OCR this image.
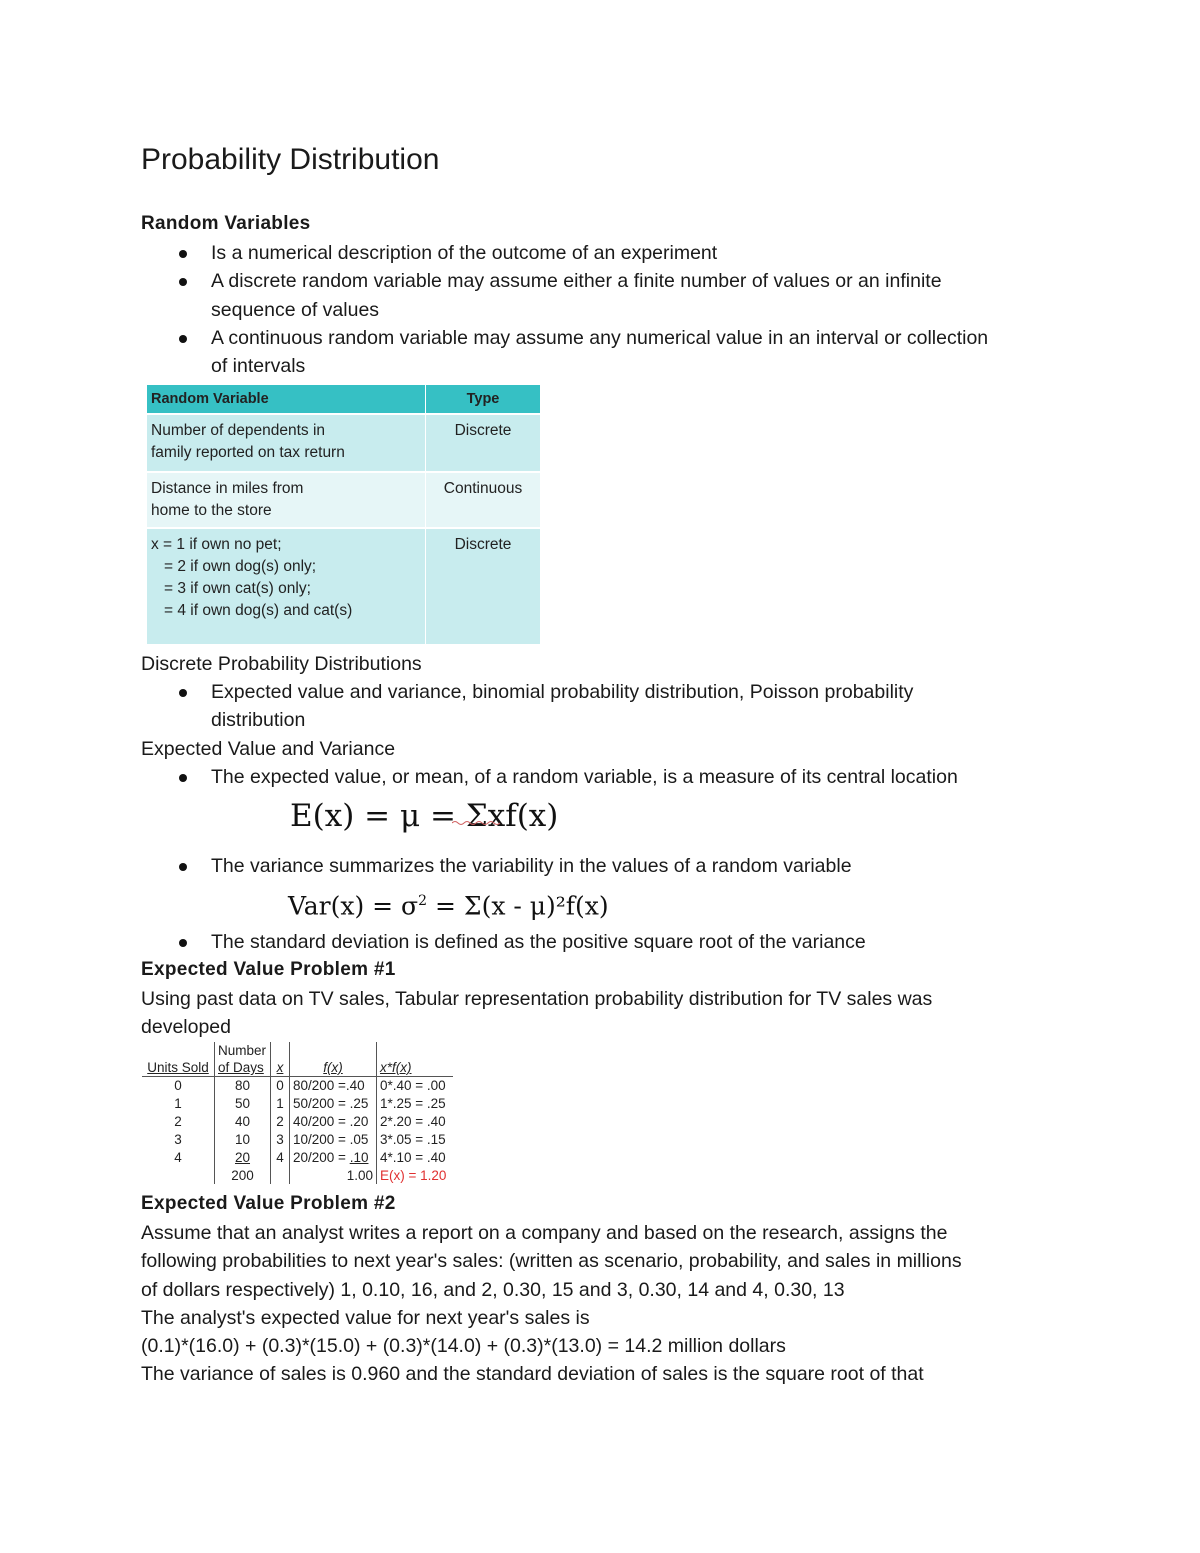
Probability Distribution
Random Variables
Is a numerical description of the outcome of an experiment
A discrete random variable may assume either a finite number of values or an infinite sequence of values
A continuous random variable may assume any numerical value in an interval or collection of intervals
Random Variable	Type

Number of dependents in
family reported on tax return	Discrete

Distance in miles from
home to the store	Continuous

x = 1 if own no pet;
= 2 if own dog(s) only;
= 3 if own cat(s) only;
= 4 if own dog(s) and cat(s)	Discrete
Discrete Probability Distributions
Expected value and variance, binomial probability distribution, Poisson probability distribution
Expected Value and Variance
The expected value, or mean, of a random variable, is a measure of its central location
E(x) = μ = Σxf(x)
The variance summarizes the variability in the values of a random variable
$Var(x) = \sigma^2 = \Sigma(x - \mu)^2f(x)$
The standard deviation is defined as the positive square root of the variance
Expected Value Problem #1
Using past data on TV sales, Tabular representation probability distribution for TV sales was
developed
	Number			
Units Sold	of Days	x	f(x)	x*f(x)
0	80	0	80/200 =.40	0*.40 = .00
1	50	1	50/200 = .25	1*.25 = .25
2	40	2	40/200 = .20	2*.20 = .40
3	10	3	10/200 = .05	3*.05 = .15
4	20	4	20/200 = .10	4*.10 = .40
	200		1.00	E(x) = 1.20
Expected Value Problem #2
Assume that an analyst writes a report on a company and based on the research, assigns the
following probabilities to next year's sales: (written as scenario, probability, and sales in millions
of dollars respectively) 1, 0.10, 16, and 2, 0.30, 15 and 3, 0.30, 14 and 4, 0.30, 13
The analyst's expected value for next year's sales is
(0.1)*(16.0) + (0.3)*(15.0) + (0.3)*(14.0) + (0.3)*(13.0) = 14.2 million dollars
The variance of sales is 0.960 and the standard deviation of sales is the square root of that
